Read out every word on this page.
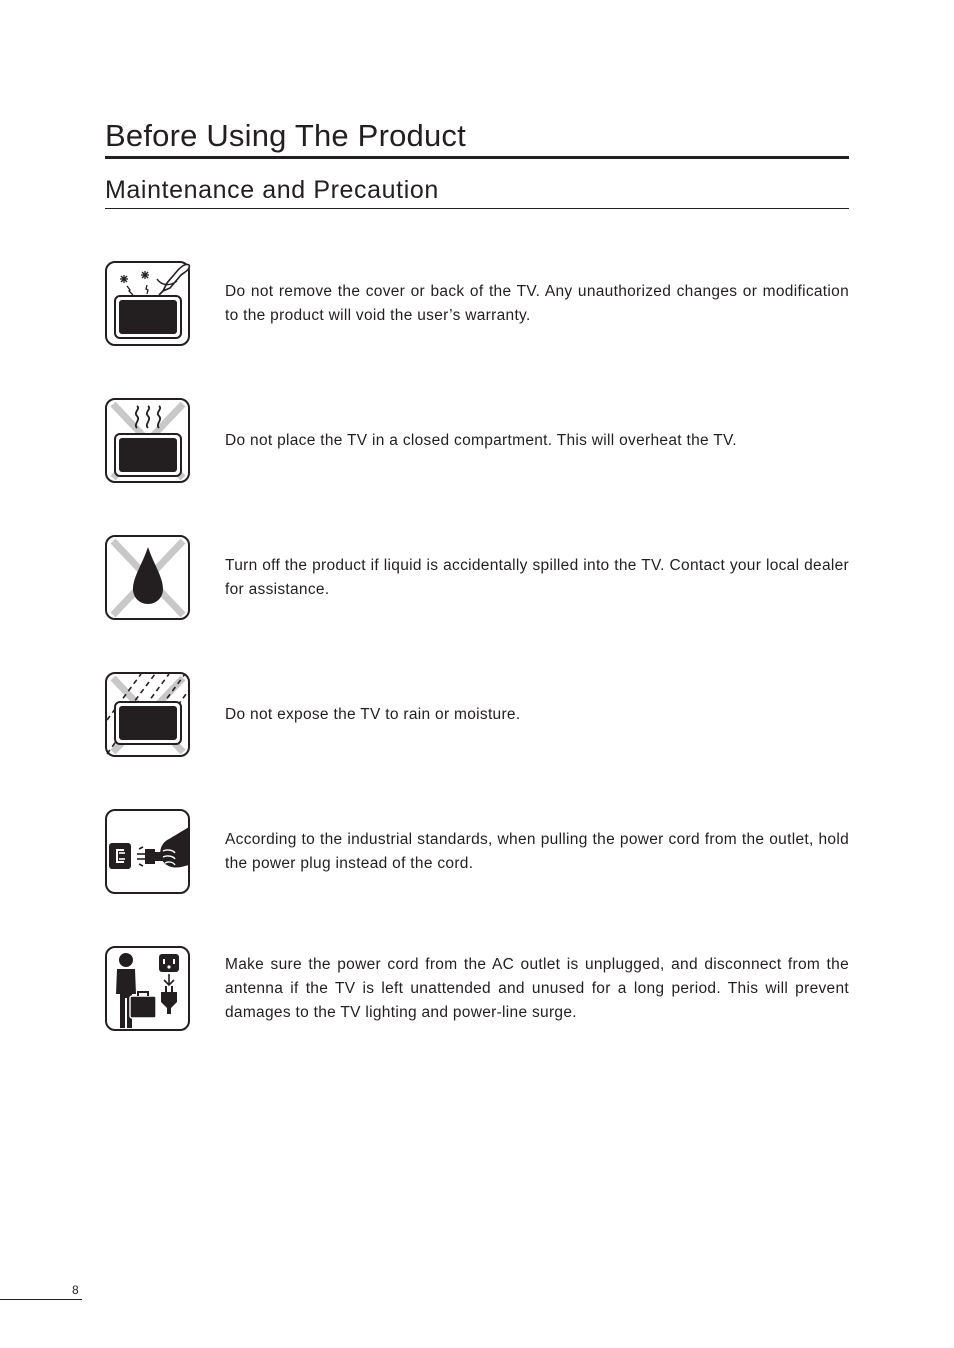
Before Using The Product
Maintenance and Precaution

Do not remove the cover or back of the TV. Any unauthorized changes or modification to the product will void the user’s warranty.

Do not place the TV in a closed compartment. This will overheat the TV.

Turn off the product if liquid is accidentally spilled into the TV. Contact your local dealer for assistance.

Do not expose the TV to rain or moisture.

According to the industrial standards, when pulling the power cord from the outlet, hold the power plug instead of the cord.

Make sure the power cord from the AC outlet is unplugged, and disconnect from the antenna if the TV is left unattended and unused for a long period. This will prevent damages to the TV lighting and power-line surge.

8
